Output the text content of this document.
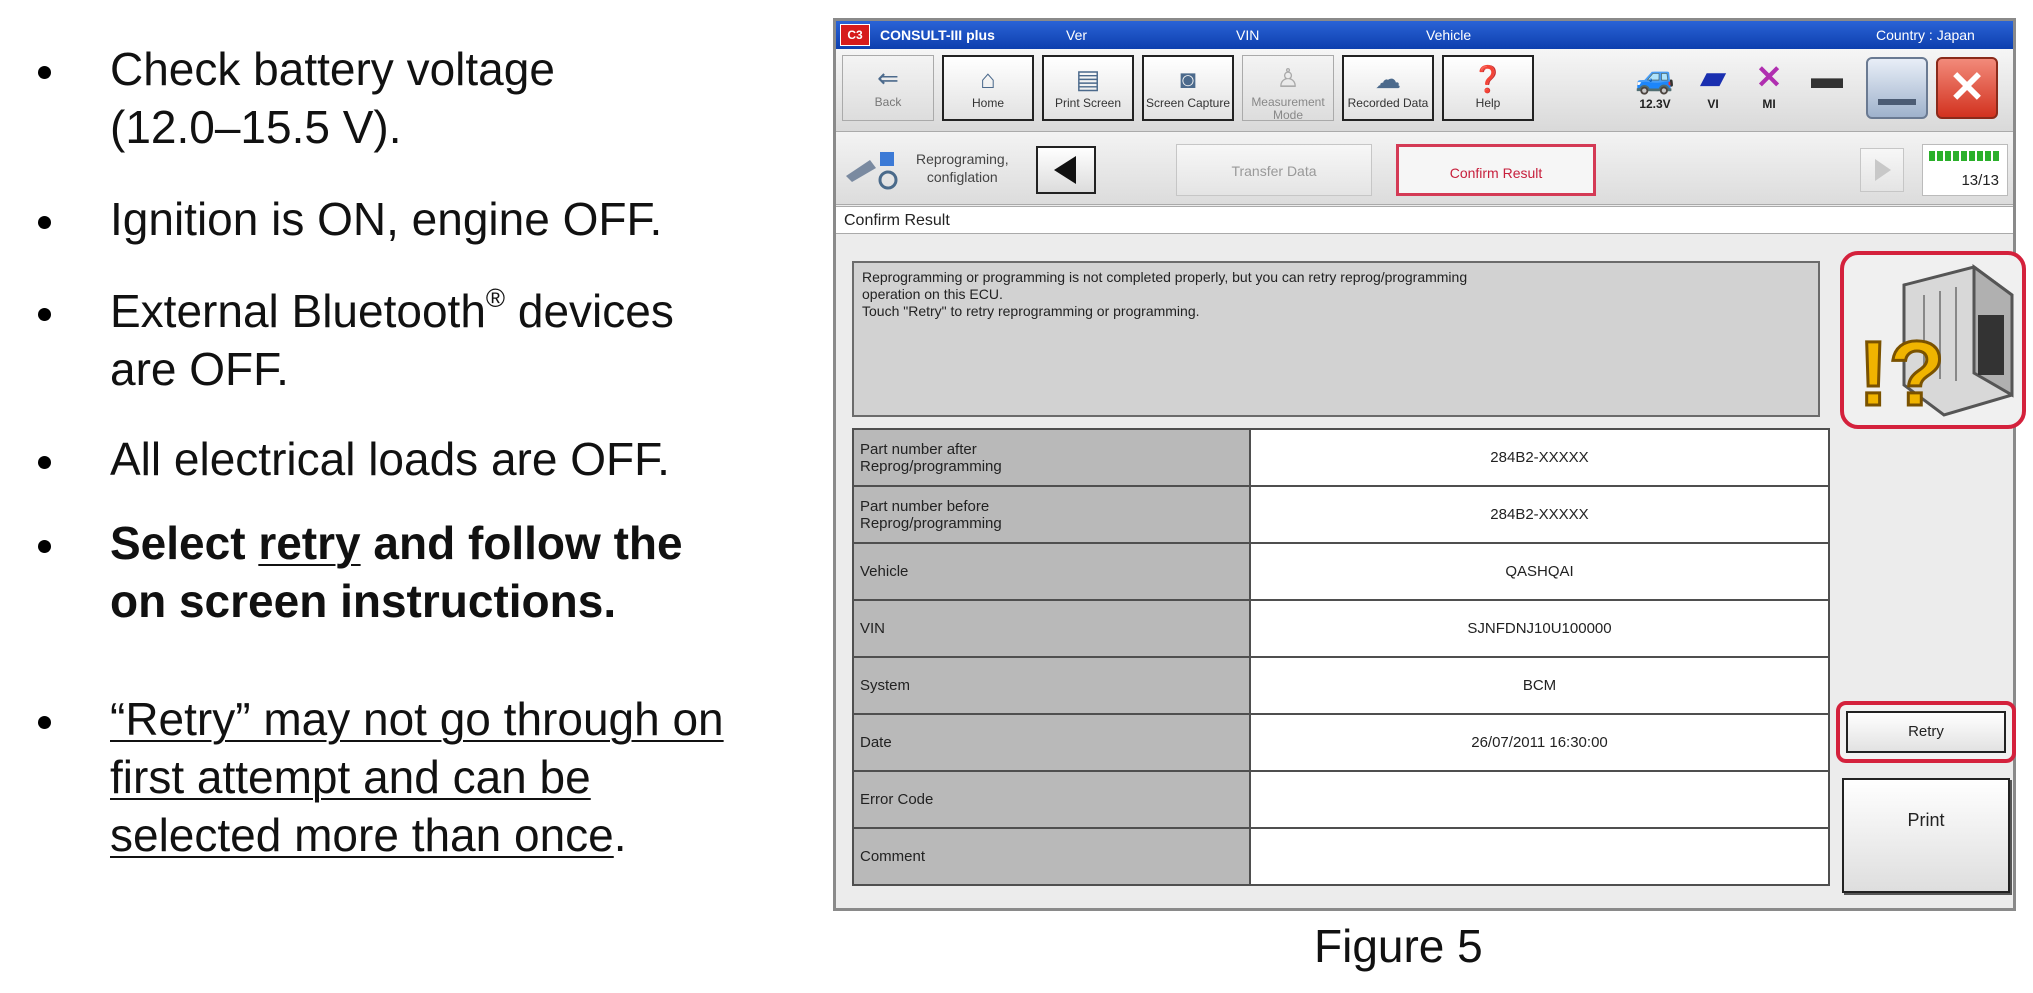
Check battery voltage
(12.0–15.5 V).
Ignition is ON, engine OFF.
External Bluetooth® devices
are OFF.
All electrical loads are OFF.
Select retry and follow the
on screen instructions.
“Retry” may not go through on
first attempt and can be
selected more than once.
C3	CONSULT-III plus	Ver	VIN	Vehicle	Country : Japan
⇐
Back
⌂
Home
▤
Print Screen
◙
Screen Capture
♙
Measurement Mode
☁
Recorded Data
❓
Help
🚙
12.3V
▰
VI
✕
MI
▬ ✕
Reprograming,
configlation	Transfer Data	Confirm Result	13/13
Confirm Result
Reprogramming or programming is not completed properly, but you can retry reprog/programming
operation on this ECU.
Touch "Retry" to retry reprogramming or programming.
!?
Part number after
Reprog/programming	284B2-XXXXX

Part number before
Reprog/programming	284B2-XXXXX
Vehicle	QASHQAI
VIN	SJNFDNJ10U100000
System	BCM
Date	26/07/2011 16:30:00
Error Code	
Comment	
Retry
Print
Figure 5
